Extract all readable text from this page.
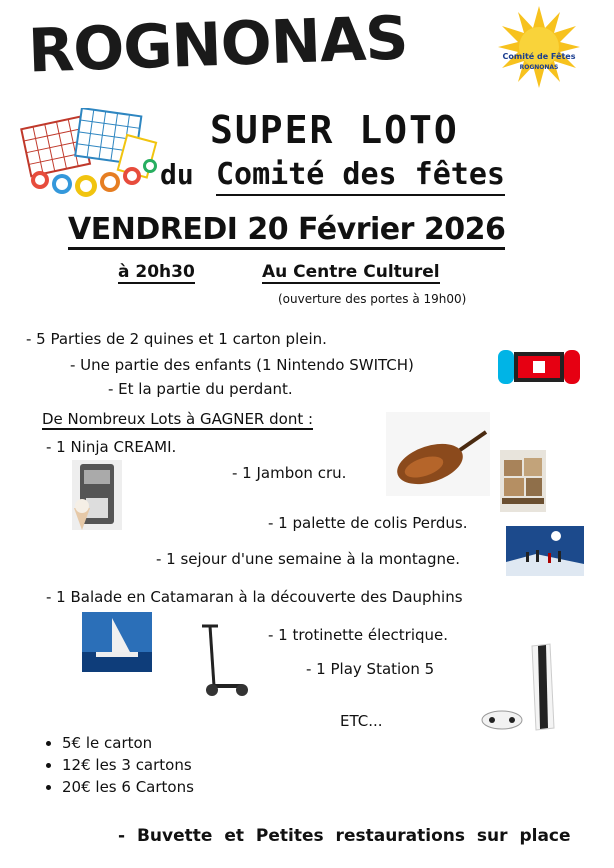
ROGNONAS	Comité de Fêtes
ROGNONAS
SUPER LOTO
du Comité des fêtes
VENDREDI 20 Février 2026
à 20h30	Au Centre Culturel
(ouverture des portes à 19h00)
- 5 Parties de 2 quines et 1 carton plein.
- Une partie des enfants (1 Nintendo SWITCH)
- Et la partie du perdant.
De Nombreux Lots à GAGNER dont :
- 1 Ninja CREAMI.
- 1 Jambon cru.
- 1 palette de colis Perdus.
- 1 sejour d'une semaine à la montagne.
- 1 Balade en Catamaran à la découverte des Dauphins
- 1 trotinette électrique.
- 1 Play Station 5
ETC...
• 5€ le carton
• 12€ les 3 cartons
• 20€ les 6 Cartons
- Buvette et Petites restaurations sur place
